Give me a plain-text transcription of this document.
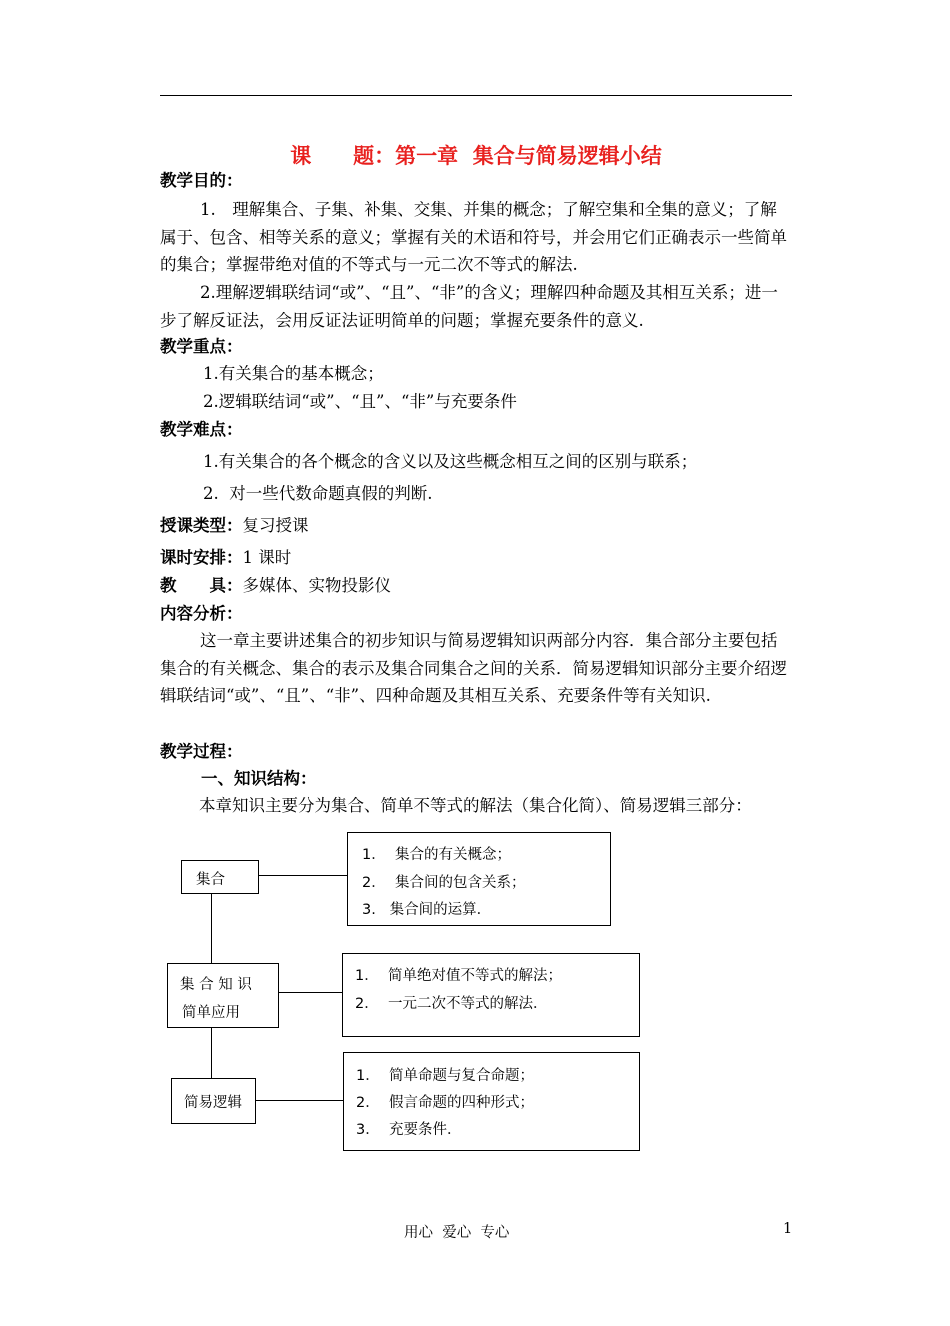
课　　题：第一章  集合与简易逻辑小结
教学目的：
1.　理解集合、子集、补集、交集、并集的概念；了解空集和全集的意义；了解属于、包含、相等关系的意义；掌握有关的术语和符号，并会用它们正确表示一些简单的集合；掌握带绝对值的不等式与一元二次不等式的解法.
2.理解逻辑联结词“或”、“且”、“非”的含义；理解四种命题及其相互关系；进一步了解反证法，会用反证法证明简单的问题；掌握充要条件的意义.
教学重点：
1.有关集合的基本概念；
2.逻辑联结词“或”、“且”、“非”与充要条件
教学难点：
1.有关集合的各个概念的含义以及这些概念相互之间的区别与联系；
2.  对一些代数命题真假的判断.
授课类型：复习授课
课时安排：1 课时
教　　具：多媒体、实物投影仪
内容分析：
这一章主要讲述集合的初步知识与简易逻辑知识两部分内容．集合部分主要包括集合的有关概念、集合的表示及集合同集合之间的关系．简易逻辑知识部分主要介绍逻辑联结词“或”、“且”、“非”、四种命题及其相互关系、充要条件等有关知识.
教学过程：
一、知识结构：
本章知识主要分为集合、简单不等式的解法（集合化简）、简易逻辑三部分：
集合
集 合 知 识
简单应用
简易逻辑
1．  集合的有关概念；
2．  集合间的包含关系；
3.   集合间的运算．
1．  简单绝对值不等式的解法；
2．  一元二次不等式的解法．
1．  简单命题与复合命题；
2．  假言命题的四种形式；
3．  充要条件．
用心  爱心  专心	1
